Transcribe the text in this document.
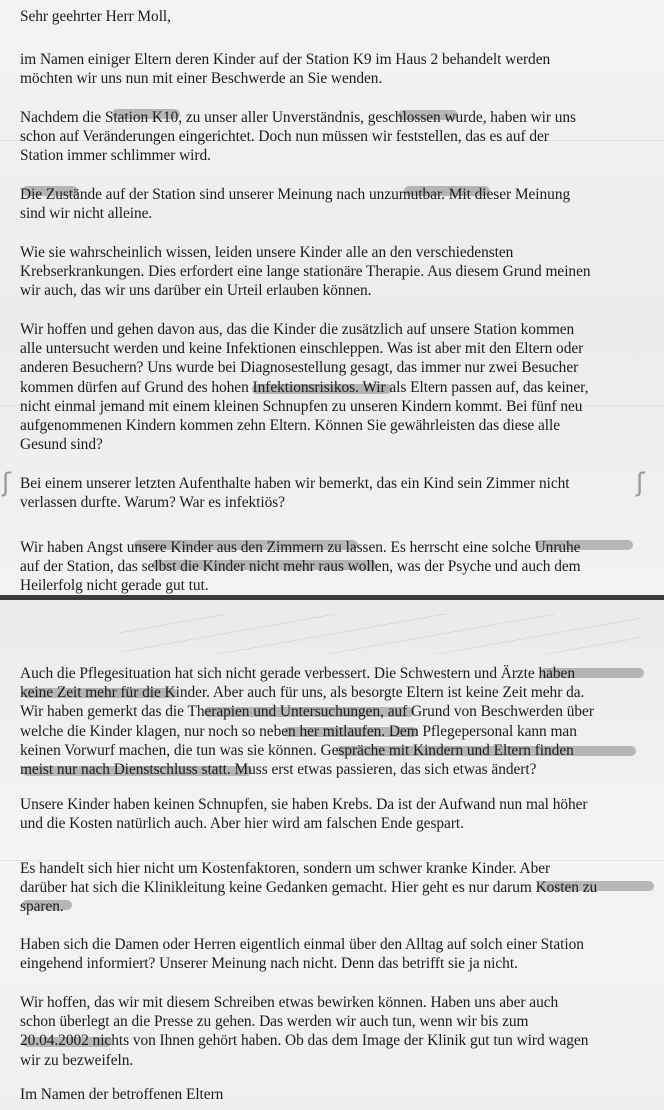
ʃ	ʃ
Sehr geehrter Herr Moll,
im Namen einiger Eltern deren Kinder auf der Station K9 im Haus 2 behandelt werden
möchten wir uns nun mit einer Beschwerde an Sie wenden.
Nachdem die Station K10, zu unser aller Unverständnis, geschlossen wurde, haben wir uns
schon auf Veränderungen eingerichtet. Doch nun müssen wir feststellen, das es auf der
Station immer schlimmer wird.
Die Zustände auf der Station sind unserer Meinung nach unzumutbar. Mit dieser Meinung
sind wir nicht alleine.
Wie sie wahrscheinlich wissen, leiden unsere Kinder alle an den verschiedensten
Krebserkrankungen. Dies erfordert eine lange stationäre Therapie. Aus diesem Grund meinen
wir auch, das wir uns darüber ein Urteil erlauben können.
Wir hoffen und gehen davon aus, das die Kinder die zusätzlich auf unsere Station kommen
alle untersucht werden und keine Infektionen einschleppen. Was ist aber mit den Eltern oder
anderen Besuchern? Uns wurde bei Diagnosestellung gesagt, das immer nur zwei Besucher
kommen dürfen auf Grund des hohen Infektionsrisikos. Wir als Eltern passen auf, das keiner,
nicht einmal jemand mit einem kleinen Schnupfen zu unseren Kindern kommt. Bei fünf neu
aufgenommenen Kindern kommen zehn Eltern. Können Sie gewährleisten das diese alle
Gesund sind?
Bei einem unserer letzten Aufenthalte haben wir bemerkt, das ein Kind sein Zimmer nicht
verlassen durfte. Warum? War es infektiös?
Wir haben Angst unsere Kinder aus den Zimmern zu lassen. Es herrscht eine solche Unruhe
auf der Station, das selbst die Kinder nicht mehr raus wollen, was der Psyche und auch dem
Heilerfolg nicht gerade gut tut.
Auch die Pflegesituation hat sich nicht gerade verbessert. Die Schwestern und Ärzte haben
keine Zeit mehr für die Kinder. Aber auch für uns, als besorgte Eltern ist keine Zeit mehr da.
Wir haben gemerkt das die Therapien und Untersuchungen, auf Grund von Beschwerden über
welche die Kinder klagen, nur noch so neben her mitlaufen. Dem Pflegepersonal kann man
keinen Vorwurf machen, die tun was sie können. Gespräche mit Kindern und Eltern finden
meist nur nach Dienstschluss statt. Muss erst etwas passieren, das sich etwas ändert?
Unsere Kinder haben keinen Schnupfen, sie haben Krebs. Da ist der Aufwand nun mal höher
und die Kosten natürlich auch. Aber hier wird am falschen Ende gespart.
Es handelt sich hier nicht um Kostenfaktoren, sondern um schwer kranke Kinder. Aber
darüber hat sich die Klinikleitung keine Gedanken gemacht. Hier geht es nur darum Kosten zu
sparen.
Haben sich die Damen oder Herren eigentlich einmal über den Alltag auf solch einer Station
eingehend informiert? Unserer Meinung nach nicht. Denn das betrifft sie ja nicht.
Wir hoffen, das wir mit diesem Schreiben etwas bewirken können. Haben uns aber auch
schon überlegt an die Presse zu gehen. Das werden wir auch tun, wenn wir bis zum
20.04.2002 nichts von Ihnen gehört haben. Ob das dem Image der Klinik gut tun wird wagen
wir zu bezweifeln.
Im Namen der betroffenen Eltern
